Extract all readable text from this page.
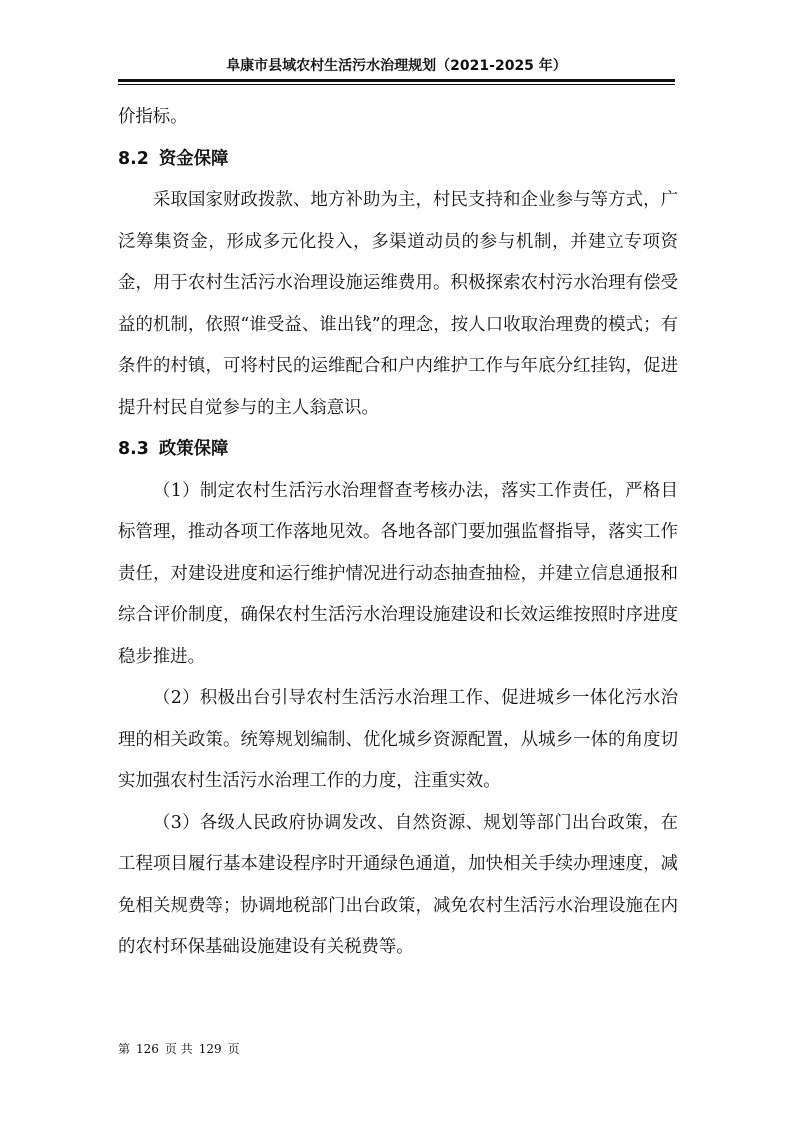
阜康市县域农村生活污水治理规划（2021-2025 年）

价指标。

8.2 资金保障

采取国家财政拨款、地方补助为主，村民支持和企业参与等方式，广泛筹集资金，形成多元化投入，多渠道动员的参与机制，并建立专项资金，用于农村生活污水治理设施运维费用。积极探索农村污水治理有偿受益的机制，依照“谁受益、谁出钱”的理念，按人口收取治理费的模式；有条件的村镇，可将村民的运维配合和户内维护工作与年底分红挂钩，促进提升村民自觉参与的主人翁意识。

8.3 政策保障

（1）制定农村生活污水治理督查考核办法，落实工作责任，严格目标管理，推动各项工作落地见效。各地各部门要加强监督指导，落实工作责任，对建设进度和运行维护情况进行动态抽查抽检，并建立信息通报和综合评价制度，确保农村生活污水治理设施建设和长效运维按照时序进度稳步推进。

（2）积极出台引导农村生活污水治理工作、促进城乡一体化污水治理的相关政策。统筹规划编制、优化城乡资源配置，从城乡一体的角度切实加强农村生活污水治理工作的力度，注重实效。

（3）各级人民政府协调发改、自然资源、规划等部门出台政策，在工程项目履行基本建设程序时开通绿色通道，加快相关手续办理速度，减免相关规费等；协调地税部门出台政策，减免农村生活污水治理设施在内的农村环保基础设施建设有关税费等。

第 126 页 共 129 页
